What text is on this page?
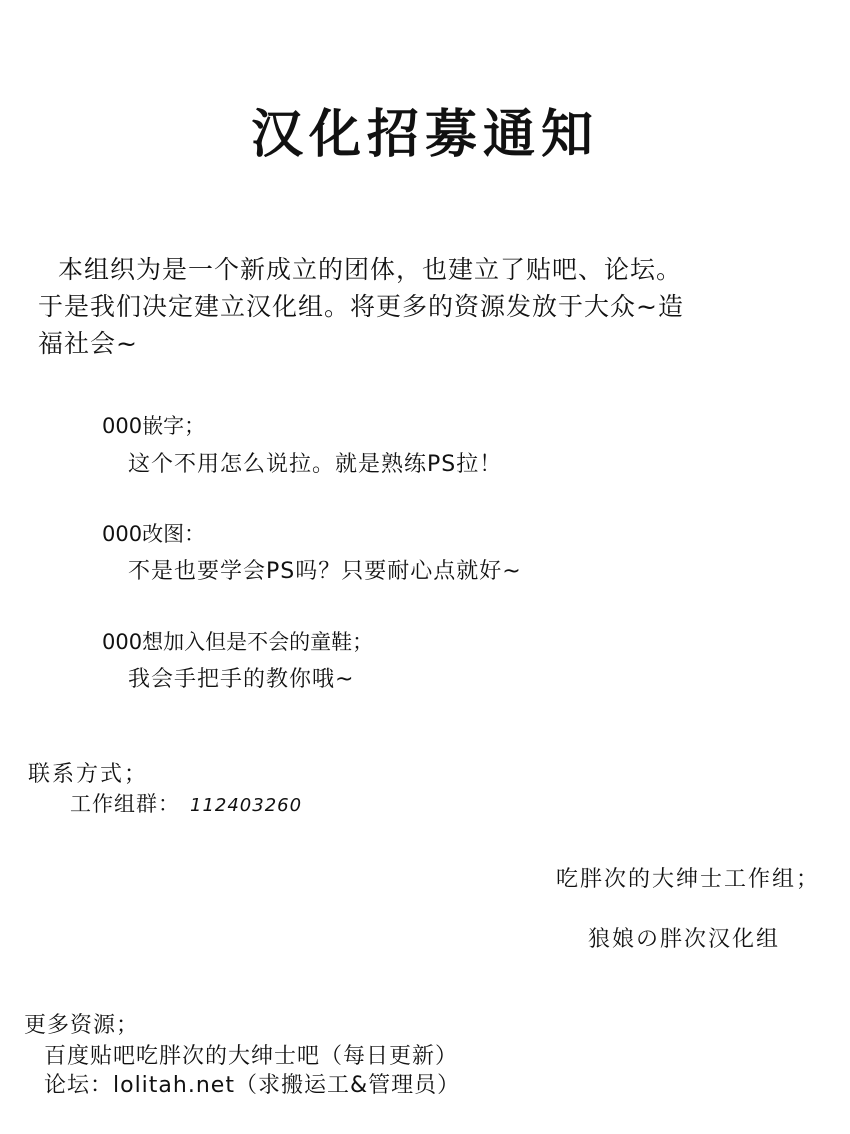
汉化招募通知
本组织为是一个新成立的团体，也建立了贴吧、论坛。
于是我们决定建立汉化组。将更多的资源发放于大众~造
福社会~
000嵌字；
这个不用怎么说拉。就是熟练PS拉！
000改图：
不是也要学会PS吗？只要耐心点就好~
000想加入但是不会的童鞋；
我会手把手的教你哦~
联系方式；
工作组群： 112403260
吃胖次的大绅士工作组；
狼娘の胖次汉化组
更多资源；
百度贴吧吃胖次的大绅士吧（每日更新）
论坛：lolitah.net（求搬运工&管理员）
